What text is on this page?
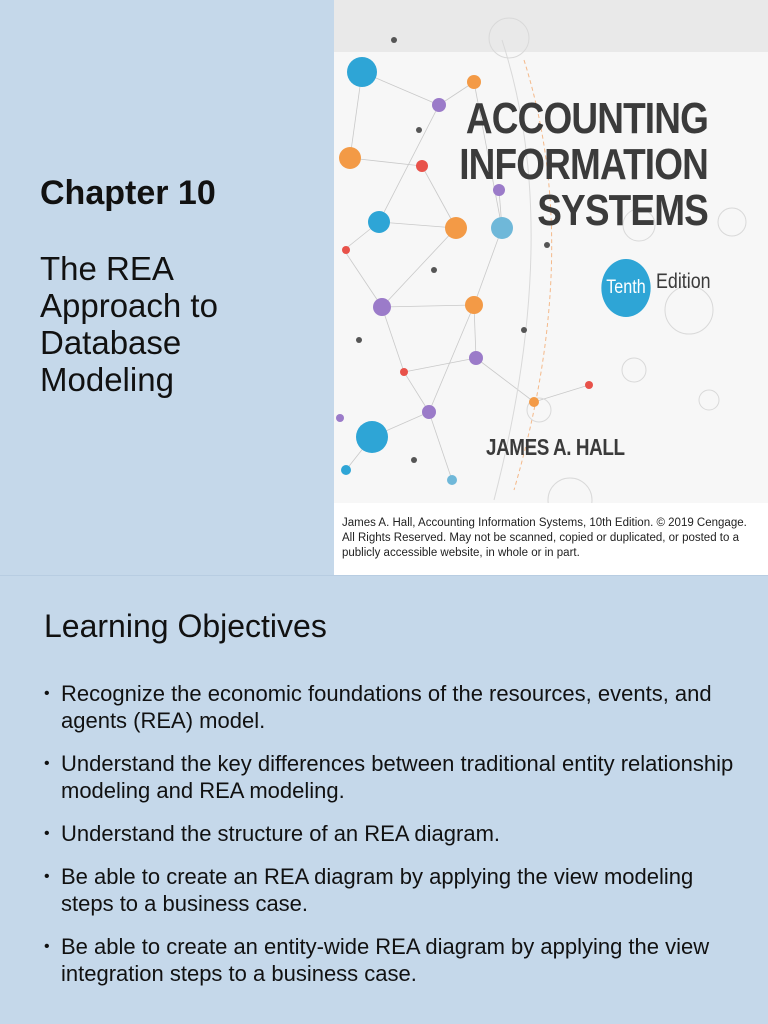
Chapter 10
The REA
Approach to
Database
Modeling
ACCOUNTING
INFORMATION
SYSTEMS
Tenth Edition
JAMES A. HALL
James A. Hall, Accounting Information Systems, 10th Edition. © 2019 Cengage. All Rights Reserved. May not be scanned, copied or duplicated, or posted to a publicly accessible website, in whole or in part.
Learning Objectives
• Recognize the economic foundations of the resources, events, and agents (REA) model.
• Understand the key differences between traditional entity relationship modeling and REA modeling.
• Understand the structure of an REA diagram.
• Be able to create an REA diagram by applying the view modeling steps to a business case.
• Be able to create an entity-wide REA diagram by applying the view integration steps to a business case.
